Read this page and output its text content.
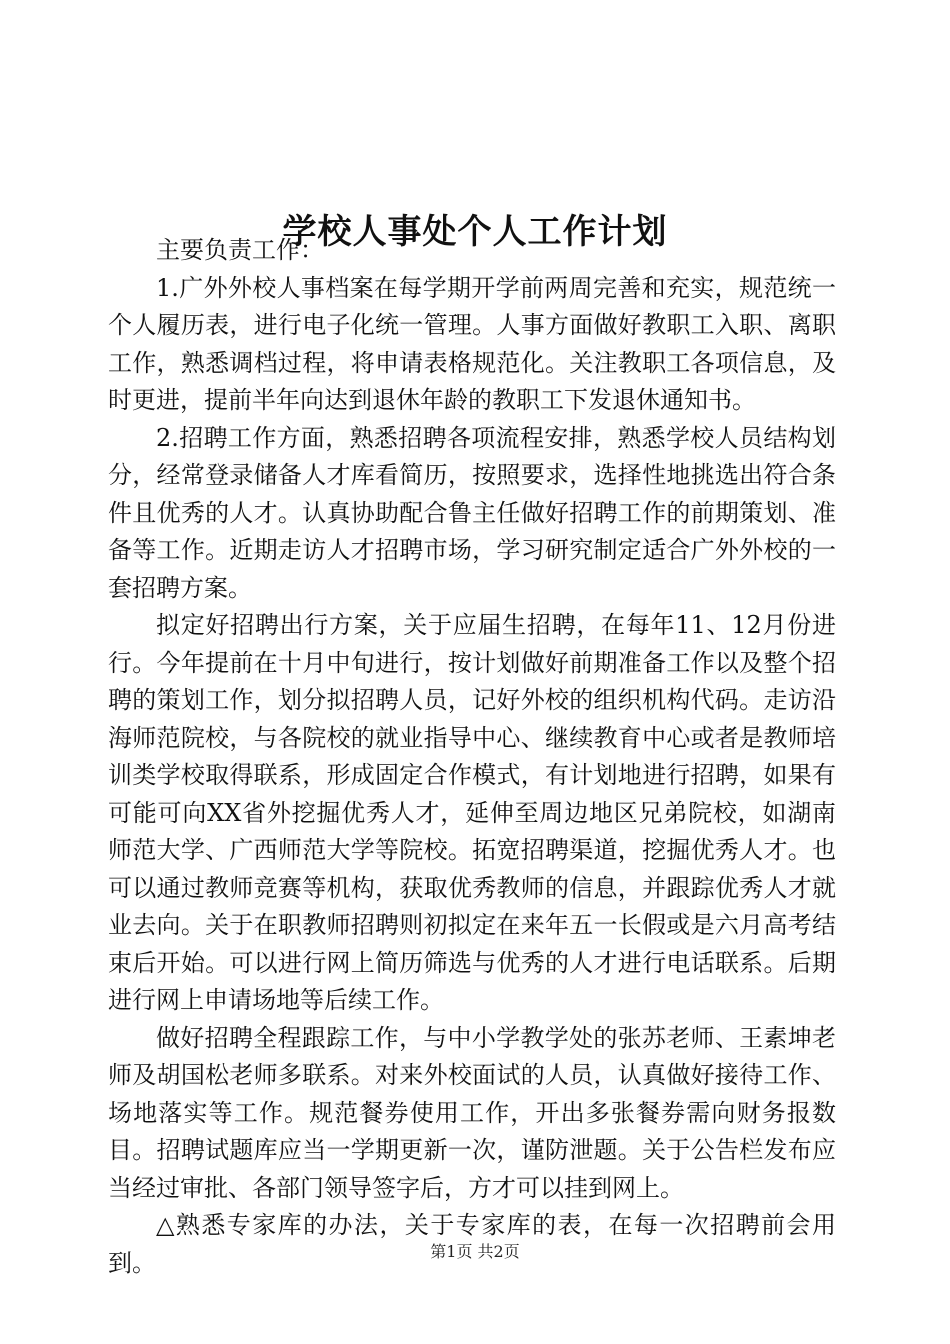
学校人事处个人工作计划

主要负责工作：

1.广外外校人事档案在每学期开学前两周完善和充实，规范统一个人履历表，进行电子化统一管理。人事方面做好教职工入职、离职工作，熟悉调档过程，将申请表格规范化。关注教职工各项信息，及时更进，提前半年向达到退休年龄的教职工下发退休通知书。

2.招聘工作方面，熟悉招聘各项流程安排，熟悉学校人员结构划分，经常登录储备人才库看简历，按照要求，选择性地挑选出符合条件且优秀的人才。认真协助配合鲁主任做好招聘工作的前期策划、准备等工作。近期走访人才招聘市场，学习研究制定适合广外外校的一套招聘方案。

拟定好招聘出行方案，关于应届生招聘，在每年11、12月份进行。今年提前在十月中旬进行，按计划做好前期准备工作以及整个招聘的策划工作，划分拟招聘人员，记好外校的组织机构代码。走访沿海师范院校，与各院校的就业指导中心、继续教育中心或者是教师培训类学校取得联系，形成固定合作模式，有计划地进行招聘，如果有可能可向XX省外挖掘优秀人才，延伸至周边地区兄弟院校，如湖南师范大学、广西师范大学等院校。拓宽招聘渠道，挖掘优秀人才。也可以通过教师竞赛等机构，获取优秀教师的信息，并跟踪优秀人才就业去向。关于在职教师招聘则初拟定在来年五一长假或是六月高考结束后开始。可以进行网上简历筛选与优秀的人才进行电话联系。后期进行网上申请场地等后续工作。

做好招聘全程跟踪工作，与中小学教学处的张苏老师、王素坤老师及胡国松老师多联系。对来外校面试的人员，认真做好接待工作、场地落实等工作。规范餐券使用工作，开出多张餐券需向财务报数目。招聘试题库应当一学期更新一次，谨防泄题。关于公告栏发布应当经过审批、各部门领导签字后，方才可以挂到网上。

△熟悉专家库的办法，关于专家库的表，在每一次招聘前会用到。	第1页 共2页
